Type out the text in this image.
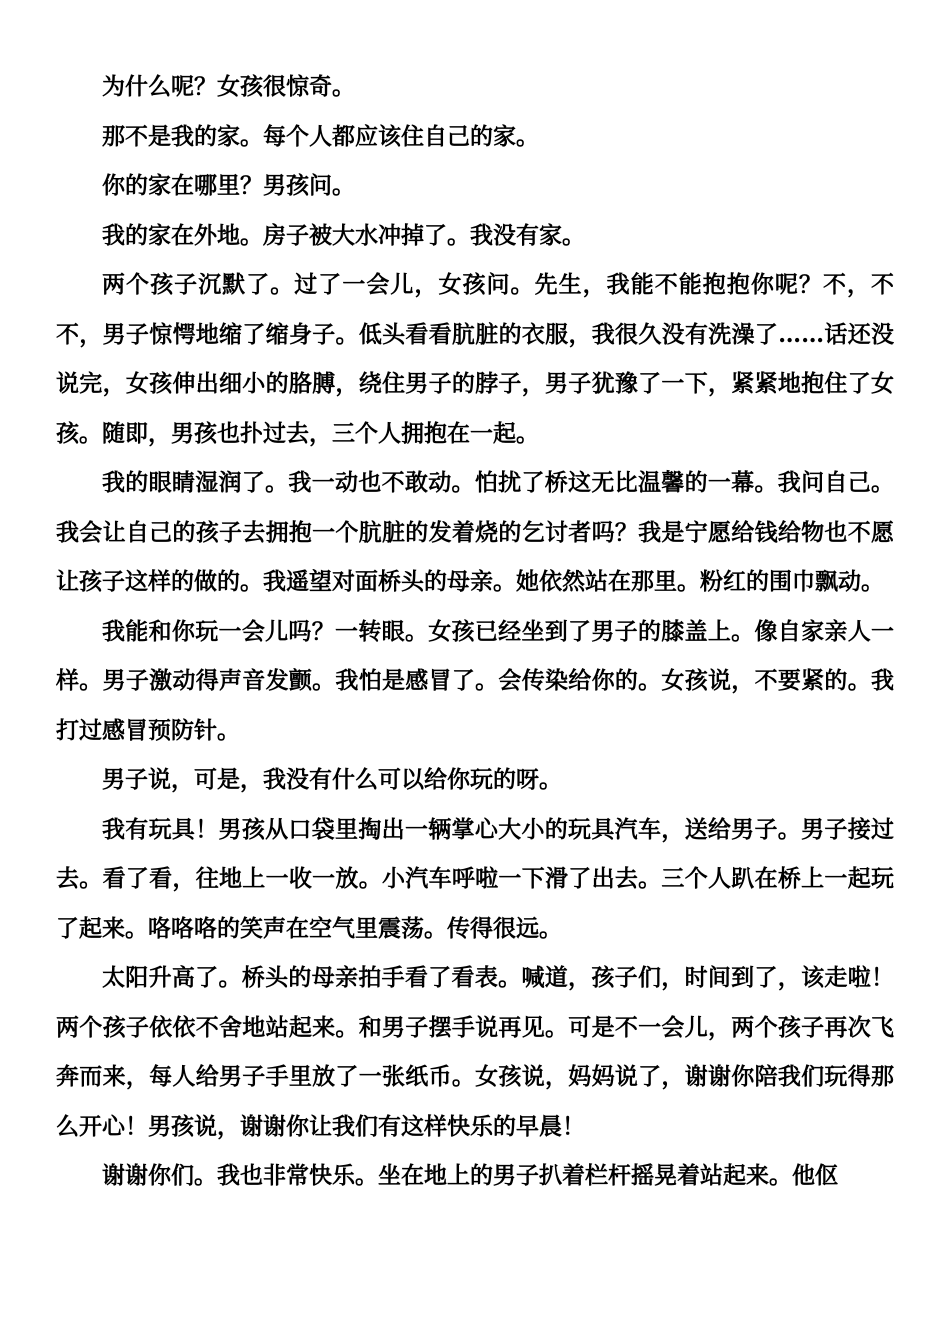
为什么呢？女孩很惊奇。

那不是我的家。每个人都应该住自己的家。

你的家在哪里？男孩问。

我的家在外地。房子被大水冲掉了。我没有家。

两个孩子沉默了。过了一会儿，女孩问。先生，我能不能抱抱你呢？不，不不，男子惊愕地缩了缩身子。低头看看肮脏的衣服，我很久没有洗澡了……话还没说完，女孩伸出细小的胳膊，绕住男子的脖子，男子犹豫了一下，紧紧地抱住了女孩。随即，男孩也扑过去，三个人拥抱在一起。

我的眼睛湿润了。我一动也不敢动。怕扰了桥这无比温馨的一幕。我问自己。我会让自己的孩子去拥抱一个肮脏的发着烧的乞讨者吗？我是宁愿给钱给物也不愿让孩子这样的做的。我遥望对面桥头的母亲。她依然站在那里。粉红的围巾飘动。

我能和你玩一会儿吗？一转眼。女孩已经坐到了男子的膝盖上。像自家亲人一样。男子激动得声音发颤。我怕是感冒了。会传染给你的。女孩说，不要紧的。我打过感冒预防针。

男子说，可是，我没有什么可以给你玩的呀。

我有玩具！男孩从口袋里掏出一辆掌心大小的玩具汽车，送给男子。男子接过去。看了看，往地上一收一放。小汽车呼啦一下滑了出去。三个人趴在桥上一起玩了起来。咯咯咯的笑声在空气里震荡。传得很远。

太阳升高了。桥头的母亲拍手看了看表。喊道，孩子们，时间到了，该走啦！两个孩子依依不舍地站起来。和男子摆手说再见。可是不一会儿，两个孩子再次飞奔而来，每人给男子手里放了一张纸币。女孩说，妈妈说了，谢谢你陪我们玩得那么开心！男孩说，谢谢你让我们有这样快乐的早晨！

谢谢你们。我也非常快乐。坐在地上的男子扒着栏杆摇晃着站起来。他伛
